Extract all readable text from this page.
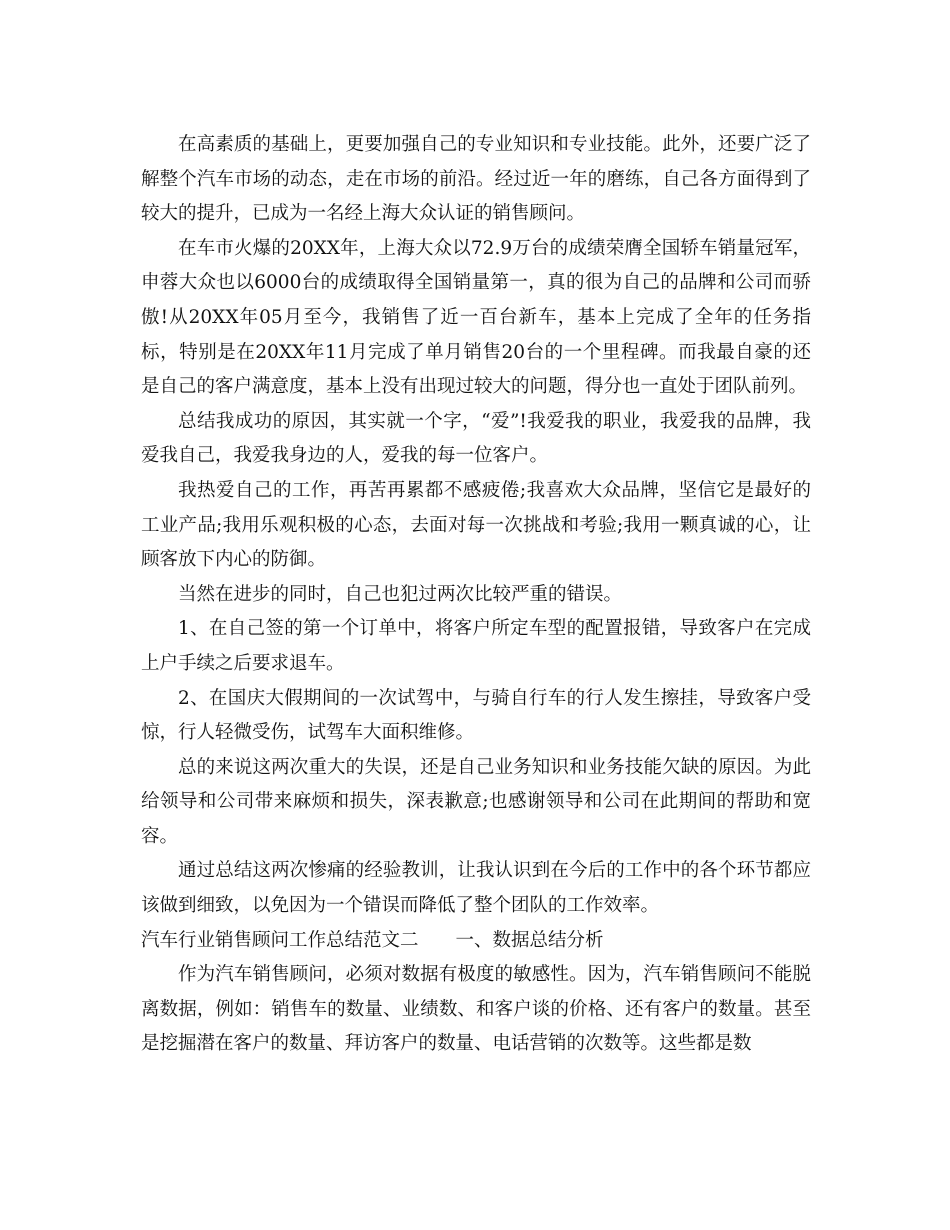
在高素质的基础上，更要加强自己的专业知识和专业技能。此外，还要广泛了解整个汽车市场的动态，走在市场的前沿。经过近一年的磨练，自己各方面得到了较大的提升，已成为一名经上海大众认证的销售顾问。

在车市火爆的20XX年，上海大众以72.9万台的成绩荣膺全国轿车销量冠军，申蓉大众也以6000台的成绩取得全国销量第一，真的很为自己的品牌和公司而骄傲!从20XX年05月至今，我销售了近一百台新车，基本上完成了全年的任务指标，特别是在20XX年11月完成了单月销售20台的一个里程碑。而我最自豪的还是自己的客户满意度，基本上没有出现过较大的问题，得分也一直处于团队前列。

总结我成功的原因，其实就一个字，“爱”!我爱我的职业，我爱我的品牌，我爱我自己，我爱我身边的人，爱我的每一位客户。

我热爱自己的工作，再苦再累都不感疲倦;我喜欢大众品牌，坚信它是最好的工业产品;我用乐观积极的心态，去面对每一次挑战和考验;我用一颗真诚的心，让顾客放下内心的防御。

当然在进步的同时，自己也犯过两次比较严重的错误。

1、在自己签的第一个订单中，将客户所定车型的配置报错，导致客户在完成上户手续之后要求退车。

2、在国庆大假期间的一次试驾中，与骑自行车的行人发生擦挂，导致客户受惊，行人轻微受伤，试驾车大面积维修。

总的来说这两次重大的失误，还是自己业务知识和业务技能欠缺的原因。为此给领导和公司带来麻烦和损失，深表歉意;也感谢领导和公司在此期间的帮助和宽容。

通过总结这两次惨痛的经验教训，让我认识到在今后的工作中的各个环节都应该做到细致，以免因为一个错误而降低了整个团队的工作效率。

汽车行业销售顾问工作总结范文二　　一、数据总结分析

作为汽车销售顾问，必须对数据有极度的敏感性。因为，汽车销售顾问不能脱离数据，例如：销售车的数量、业绩数、和客户谈的价格、还有客户的数量。甚至是挖掘潜在客户的数量、拜访客户的数量、电话营销的次数等。这些都是数
